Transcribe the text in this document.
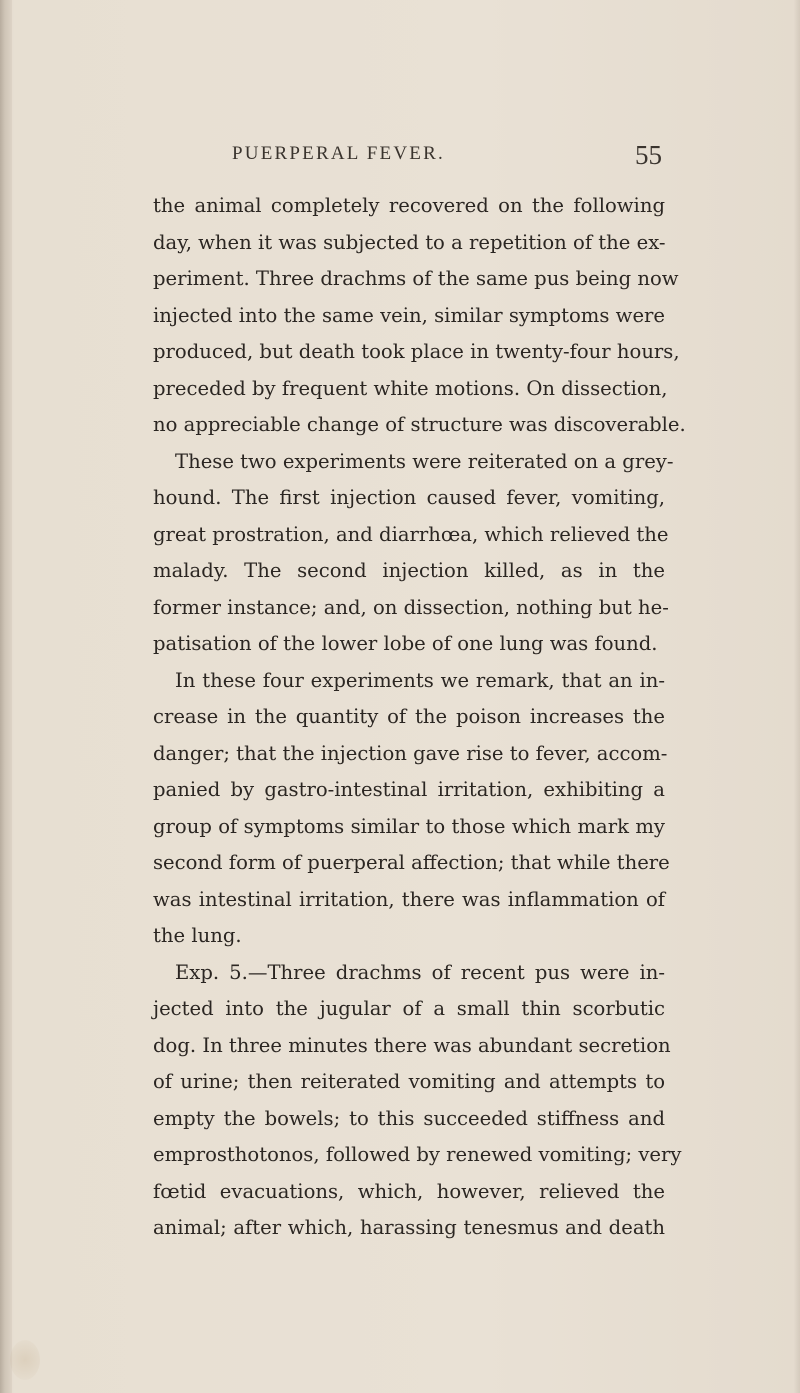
PUERPERAL FEVER.	55
the animal completely recovered on the following
day, when it was subjected to a repetition of the ex-
periment. Three drachms of the same pus being now
injected into the same vein, similar symptoms were
produced, but death took place in twenty-four hours,
preceded by frequent white motions. On dissection,
no appreciable change of structure was discoverable.
These two experiments were reiterated on a grey-
hound. The first injection caused fever, vomiting,
great prostration, and diarrhœa, which relieved the
malady. The second injection killed, as in the
former instance; and, on dissection, nothing but he-
patisation of the lower lobe of one lung was found.
In these four experiments we remark, that an in-
crease in the quantity of the poison increases the
danger; that the injection gave rise to fever, accom-
panied by gastro-intestinal irritation, exhibiting a
group of symptoms similar to those which mark my
second form of puerperal affection; that while there
was intestinal irritation, there was inflammation of
the lung.
Exp. 5.—Three drachms of recent pus were in-
jected into the jugular of a small thin scorbutic
dog. In three minutes there was abundant secretion
of urine; then reiterated vomiting and attempts to
empty the bowels; to this succeeded stiffness and
emprosthotonos, followed by renewed vomiting; very
fœtid evacuations, which, however, relieved the
animal; after which, harassing tenesmus and death
